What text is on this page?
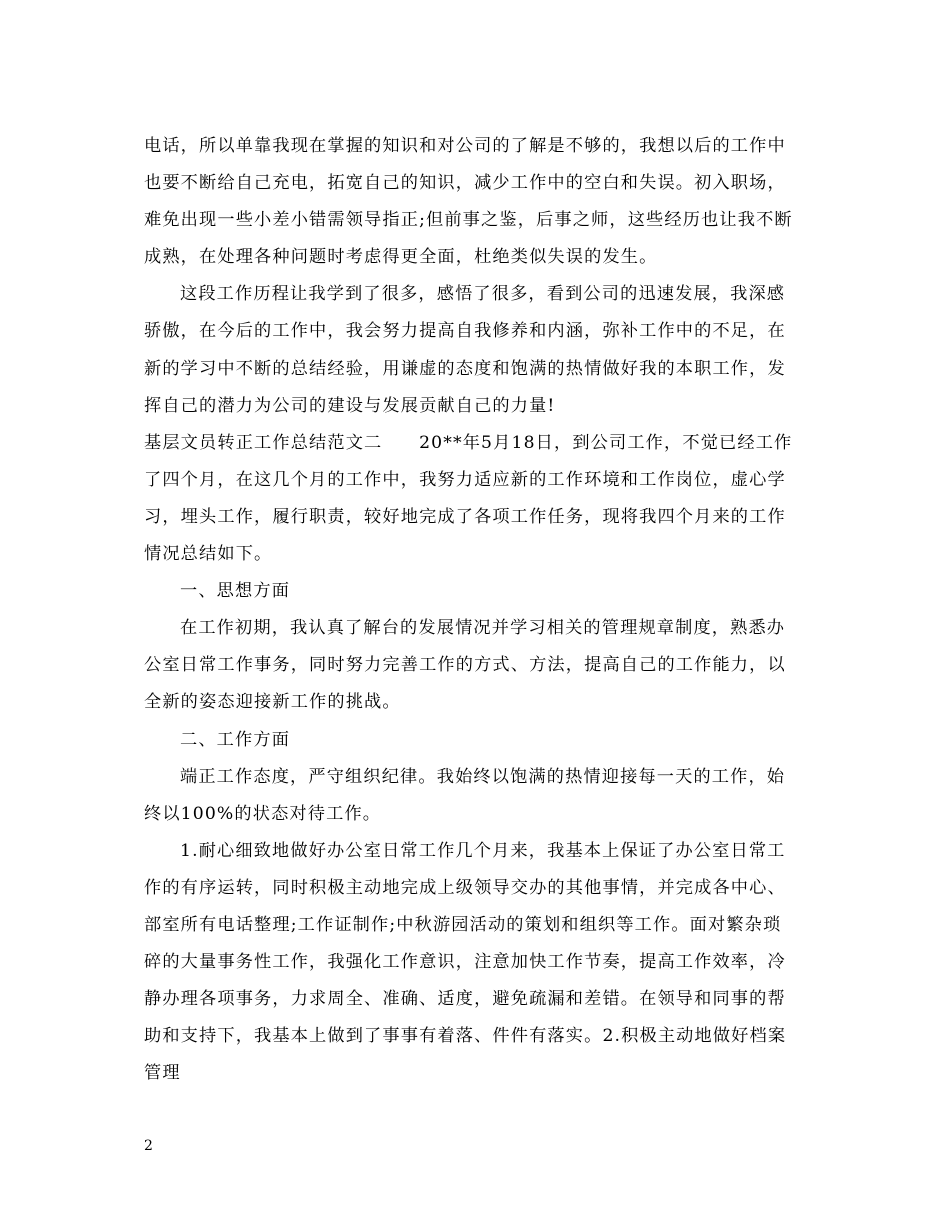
电话，所以单靠我现在掌握的知识和对公司的了解是不够的，我想以后的工作中
也要不断给自己充电，拓宽自己的知识，减少工作中的空白和失误。初入职场，
难免出现一些小差小错需领导指正;但前事之鉴，后事之师，这些经历也让我不断
成熟，在处理各种问题时考虑得更全面，杜绝类似失误的发生。
这段工作历程让我学到了很多，感悟了很多，看到公司的迅速发展，我深感
骄傲，在今后的工作中，我会努力提高自我修养和内涵，弥补工作中的不足，在
新的学习中不断的总结经验，用谦虚的态度和饱满的热情做好我的本职工作，发
挥自己的潜力为公司的建设与发展贡献自己的力量!
基层文员转正工作总结范文二　　20**年5月18日，到公司工作，不觉已经工作
了四个月，在这几个月的工作中，我努力适应新的工作环境和工作岗位，虚心学
习，埋头工作，履行职责，较好地完成了各项工作任务，现将我四个月来的工作
情况总结如下。
一、思想方面
在工作初期，我认真了解台的发展情况并学习相关的管理规章制度，熟悉办
公室日常工作事务，同时努力完善工作的方式、方法，提高自己的工作能力，以
全新的姿态迎接新工作的挑战。
二、工作方面
端正工作态度，严守组织纪律。我始终以饱满的热情迎接每一天的工作，始
终以100%的状态对待工作。
1.耐心细致地做好办公室日常工作几个月来，我基本上保证了办公室日常工
作的有序运转，同时积极主动地完成上级领导交办的其他事情，并完成各中心、
部室所有电话整理;工作证制作;中秋游园活动的策划和组织等工作。面对繁杂琐
碎的大量事务性工作，我强化工作意识，注意加快工作节奏，提高工作效率，冷
静办理各项事务，力求周全、准确、适度，避免疏漏和差错。在领导和同事的帮
助和支持下，我基本上做到了事事有着落、件件有落实。2.积极主动地做好档案
管理
2
